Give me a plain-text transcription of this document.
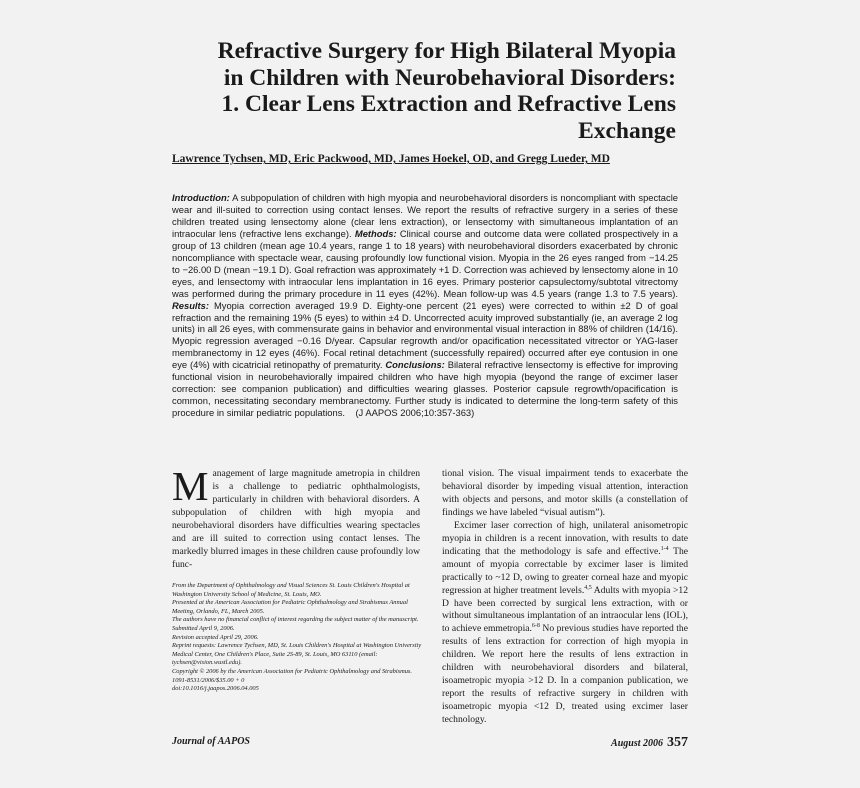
Refractive Surgery for High Bilateral Myopia
in Children with Neurobehavioral Disorders:
1. Clear Lens Extraction and Refractive Lens
Exchange
Lawrence Tychsen, MD, Eric Packwood, MD, James Hoekel, OD, and Gregg Lueder, MD
Introduction: A subpopulation of children with high myopia and neurobehavioral disorders is noncompliant with spectacle wear and ill-suited to correction using contact lenses. We report the results of refractive surgery in a series of these children treated using lensectomy alone (clear lens extraction), or lensectomy with simultaneous implantation of an intraocular lens (refractive lens exchange). Methods: Clinical course and outcome data were collated prospectively in a group of 13 children (mean age 10.4 years, range 1 to 18 years) with neurobehavioral disorders exacerbated by chronic noncompliance with spectacle wear, causing profoundly low functional vision. Myopia in the 26 eyes ranged from −14.25 to −26.00 D (mean −19.1 D). Goal refraction was approximately +1 D. Correction was achieved by lensectomy alone in 10 eyes, and lensectomy with intraocular lens implantation in 16 eyes. Primary posterior capsulectomy/subtotal vitrectomy was performed during the primary procedure in 11 eyes (42%). Mean follow-up was 4.5 years (range 1.3 to 7.5 years). Results: Myopia correction averaged 19.9 D. Eighty-one percent (21 eyes) were corrected to within ±2 D of goal refraction and the remaining 19% (5 eyes) to within ±4 D. Uncorrected acuity improved substantially (ie, an average 2 log units) in all 26 eyes, with commensurate gains in behavior and environmental visual interaction in 88% of children (14/16). Myopic regression averaged −0.16 D/year. Capsular regrowth and/or opacification necessitated vitrector or YAG-laser membranectomy in 12 eyes (46%). Focal retinal detachment (successfully repaired) occurred after eye contusion in one eye (4%) with cicatricial retinopathy of prematurity. Conclusions: Bilateral refractive lensectomy is effective for improving functional vision in neurobehaviorally impaired children who have high myopia (beyond the range of excimer laser correction: see companion publication) and difficulties wearing glasses. Posterior capsule regrowth/opacification is common, necessitating secondary membranectomy. Further study is indicated to determine the long-term safety of this procedure in similar pediatric populations. (J AAPOS 2006;10:357-363)

Management of large magnitude ametropia in children is a challenge to pediatric ophthalmologists, particularly in children with behavioral disorders. A subpopulation of children with high myopia and neurobehavioral disorders have difficulties wearing spectacles and are ill suited to correction using contact lenses. The markedly blurred images in these children cause profoundly low func-

tional vision. The visual impairment tends to exacerbate the behavioral disorder by impeding visual attention, interaction with objects and persons, and motor skills (a constellation of findings we have labeled “visual autism”).

Excimer laser correction of high, unilateral anisometropic myopia in children is a recent innovation, with results to date indicating that the methodology is safe and effective.$^{1-4}$ The amount of myopia correctable by excimer laser is limited practically to ~12 D, owing to greater corneal haze and myopic regression at higher treatment levels.$^{4,5}$ Adults with myopia >12 D have been corrected by surgical lens extraction, with or without simultaneous implantation of an intraocular lens (IOL), to achieve emmetropia.$^{6-8}$ No previous studies have reported the results of lens extraction for correction of high myopia in children. We report here the results of lens extraction in children with neurobehavioral disorders and bilateral, isoametropic myopia >12 D. In a companion publication, we report the results of refractive surgery in children with isoametropic myopia <12 D, treated using excimer laser technology.

From the Department of Ophthalmology and Visual Sciences St. Louis Children's Hospital at Washington University School of Medicine, St. Louis, MO.

Presented at the American Association for Pediatric Ophthalmology and Strabismus Annual Meeting, Orlando, FL, March 2005.

The authors have no financial conflict of interest regarding the subject matter of the manuscript.

Submitted April 9, 2006.

Revision accepted April 29, 2006.

Reprint requests: Lawrence Tychsen, MD, St. Louis Children's Hospital at Washington University Medical Center, One Children's Place, Suite 2S-89, St. Louis, MO 63110 (email: tychsen@vision.wustl.edu).

Copyright © 2006 by the American Association for Pediatric Ophthalmology and Strabismus.

1091-8531/2006/$35.00 + 0

doi:10.1016/j.jaapos.2006.04.005

Journal of AAPOS	August 2006 357
